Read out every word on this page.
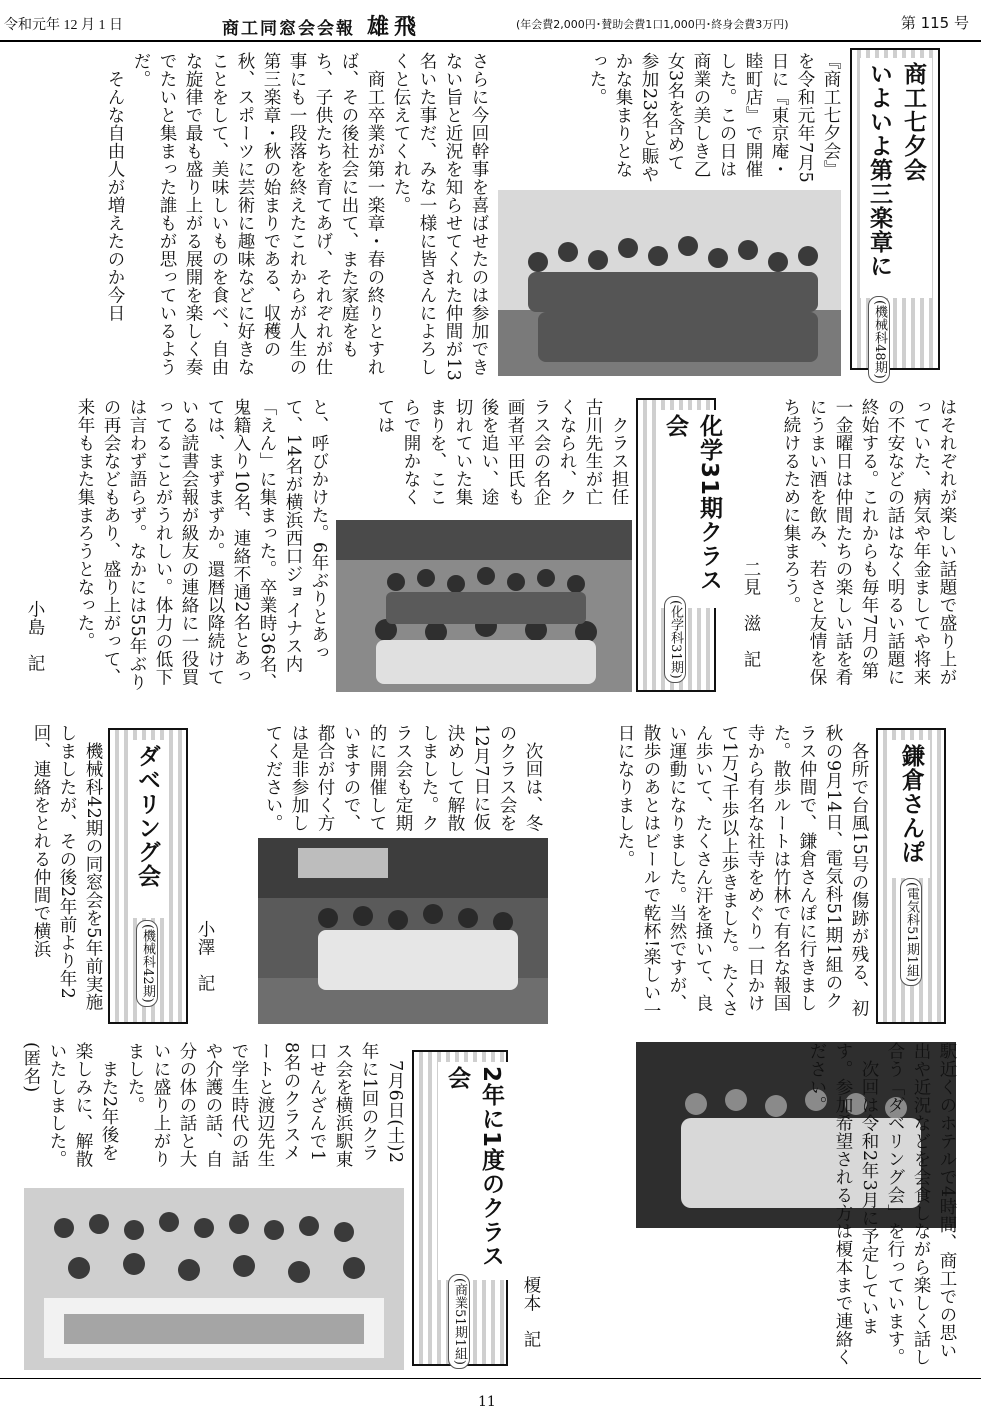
令和元年 12 月 1 日	商工同窓会会報 雄飛	(年会費2,000円･賛助会費1口1,000円･終身会費3万円)	第 115 号
商工七夕会
いよいよ第三楽章に
(機械科48期)
『商工七夕会』を令和元年7月5日に『東京庵・睦町店』で開催した。この日は商業の美しき乙女3名を含めて参加23名と賑やかな集まりとなった。
さらに今回幹事を喜ばせたのは参加できない旨と近況を知らせてくれた仲間が13名いた事だ、みな一様に皆さんによろしくと伝えてくれた。
　商工卒業が第一楽章・春の終りとすれば、その後社会に出て、また家庭をもち、子供たちを育てあげ、それぞれが仕事にも一段落を終えたこれからが人生の第三楽章・秋の始まりである、収穫の秋、スポーツに芸術に趣味などに好きなことをして、美味しいものを食べ、自由な旋律で最も盛り上がる展開を楽しく奏でたいと集まった誰もが思っているようだ。
　そんな自由人が増えたのか今日
はそれぞれが楽しい話題で盛り上がっていた、病気や年金ましてや将来の不安などの話はなく明るい話題に終始する。これからも毎年7月の第一金曜日は仲間たちの楽しい話を肴にうまい酒を飲み、若さと友情を保ち続けるために集まろう。
二見　滋　記
化学31期クラス会
(化学科31期)
　クラス担任古川先生が亡くなられ、クラス会の名企画者平田氏も後を追い、途切れていた集まりを、ここらで開かなくては
と、呼びかけた。6年ぶりとあって、14名が横浜西口ジョイナス内「えん」に集まった。卒業時36名、鬼籍入り10名、連絡不通2名とあっては、まずまずか。還暦以降続けている読書会報が級友の連絡に一役買ってることがうれしい。体力の低下は言わず語らず。なかには55年ぶりの再会などもあり、盛り上がって、来年もまた集まろうとなった。
小島　記
鎌倉さんぽ
(電気科51期1組)
　各所で台風15号の傷跡が残る、初秋の9月14日、電気科51期1組のクラス仲間で、鎌倉さんぽに行きました。散歩ルートは竹林で有名な報国寺から有名な社寺をめぐり一日かけて1万7千歩以上歩きました。たくさん歩いて、たくさん汗を掻いて、良い運動になりました。当然ですが、散歩のあとはビールで乾杯!楽しい一日になりました。
　次回は、冬のクラス会を12月7日に仮決めして解散しました。クラス会も定期的に開催していますので、都合が付く方は是非参加してください。
小澤　記
ダベリング会
(機械科42期)
　機械科42期の同窓会を5年前実施しましたが、その後2年前より年2回、連絡をとれる仲間で横浜
駅近くのホテルで4時間、商工での思い出や近況などを会食しながら楽しく話し合う「ダベリング会」を行っています。
　次回は令和2年3月に予定しています。参加希望される方は榎本まで連絡ください。
榎本　記
2年に1度のクラス会
(商業51期1組)
　7月6日(土)2年に1回のクラス会を横浜駅東口せんざんで18名のクラスメートと渡辺先生で学生時代の話や介護の話、自分の体の話と大いに盛り上がりました。
　また2年後を楽しみに、解散いたしました。(匿名)
11
